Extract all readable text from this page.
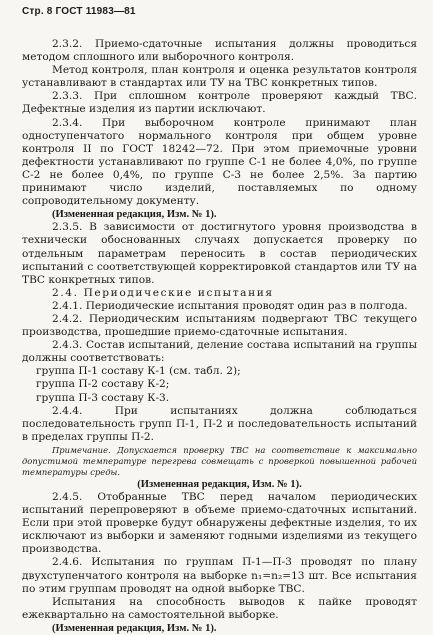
Стр. 8 ГОСТ 11983—81

2.3.2. Приемо-сдаточные испытания должны проводиться методом сплошного или выборочного контроля.

Метод контроля, план контроля и оценка результатов контроля устанавливают в стандартах или ТУ на ТВС конкретных типов.

2.3.3. При сплошном контроле проверяют каждый ТВС. Дефектные изделия из партии исключают.

2.3.4. При выборочном контроле принимают план одноступенчатого нормального контроля при общем уровне контроля II по ГОСТ 18242—72. При этом приемочные уровни дефектности устанавливают по группе С-1 не более 4,0%, по группе С-2 не более 0,4%, по группе С-3 не более 2,5%. За партию принимают число изделий, поставляемых по одному сопроводительному документу.

(Измененная редакция, Изм. № 1).

2.3.5. В зависимости от достигнутого уровня производства в технически обоснованных случаях допускается проверку по отдельным параметрам переносить в состав периодических испытаний с соответствующей корректировкой стандартов или ТУ на ТВС конкретных типов.

2.4. Периодические испытания

2.4.1. Периодические испытания проводят один раз в полгода.

2.4.2. Периодическим испытаниям подвергают ТВС текущего производства, прошедшие приемо-сдаточные испытания.

2.4.3. Состав испытаний, деление состава испытаний на группы должны соответствовать:

группа П-1 составу К-1 (см. табл. 2);

группа П-2 составу К-2;

группа П-3 составу К-3.

2.4.4. При испытаниях должна соблюдаться последовательность групп П-1, П-2 и последовательность испытаний в пределах группы П-2.

Примечание. Допускается проверку ТВС на соответствие к максимально допустимой температуре перегрева совмещать с проверкой повышенной рабочей температуры среды.

(Измененная редакция, Изм. № 1).

2.4.5. Отобранные ТВС перед началом периодических испытаний перепроверяют в объеме приемо-сдаточных испытаний. Если при этой проверке будут обнаружены дефектные изделия, то их исключают из выборки и заменяют годными изделиями из текущего производства.

2.4.6. Испытания по группам П-1—П-3 проводят по плану двухступенчатого контроля на выборке n₁=n₂=13 шт. Все испытания по этим группам проводят на одной выборке ТВС.

Испытания на способность выводов к пайке проводят ежеквартально на самостоятельной выборке.

(Измененная редакция, Изм. № 1).
